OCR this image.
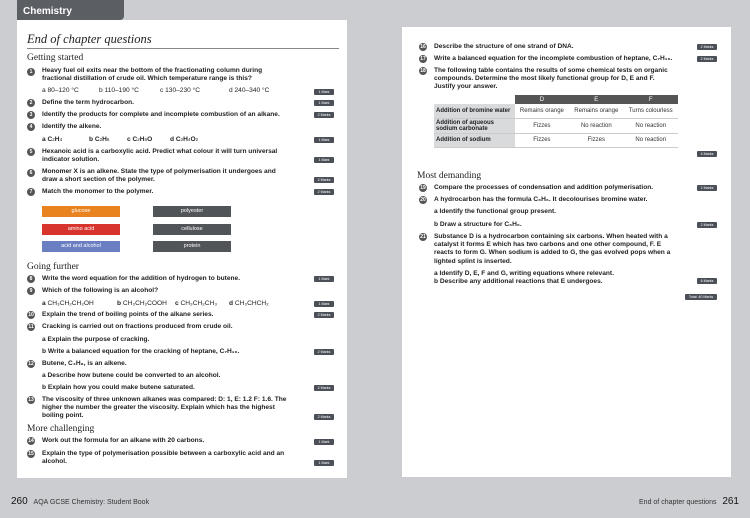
Chemistry
End of chapter questions
Getting started
1	Heavy fuel oil exits near the bottom of the fractionating column during fractional distillation of crude oil. Which temperature range is this?
a 80–120 °C	b 110–190 °C	c 130–230 °C	d 240–340 °C	1 Mark
2	Define the term hydrocarbon.	1 Mark
3	Identify the products for complete and incomplete combustion of an alkane.	2 Marks
4	Identify the alkene.
a C2H4	b C2H6	c C2H6O	d C2H4O2	1 Mark
5	Hexanoic acid is a carboxylic acid. Predict what colour it will turn universal indicator solution.	1 Mark
6	Monomer X is an alkene. State the type of polymerisation it undergoes and draw a short section of the polymer.	2 Marks
7	Match the monomer to the polymer.	2 Marks
glucose
amino acid
acid and alcohol
polyester
cellulose
protein
Going further
8	Write the word equation for the addition of hydrogen to butene.	1 Mark
9	Which of the following is an alcohol?
a CH₃CH₂CH₂OH	b CH₃CH₂COOH	c CH₃CH₂CH₃	d CH₃CHCH₂	1 Mark
10 Explain the trend of boiling points of the alkane series.	2 Marks
11 Cracking is carried out on fractions produced from crude oil.
a Explain the purpose of cracking.
b Write a balanced equation for the cracking of heptane, C₇H₁₆.	2 Marks
12 Butene, C₄H₈, is an alkene.
a Describe how butene could be converted to an alcohol.
b Explain how you could make butene saturated.	2 Marks
13 The viscosity of three unknown alkanes was compared: D: 1, E: 1.2 F: 1.6. The higher the number the greater the viscosity. Explain which has the highest boiling point.	2 Marks
More challenging
14 Work out the formula for an alkane with 20 carbons.	1 Mark
15 Explain the type of polymerisation possible between a carboxylic acid and an alcohol.	1 Mark
16 Describe the structure of one strand of DNA.	2 Marks
17 Write a balanced equation for the incomplete combustion of heptane, C₇H₁₆.	2 Marks
18 The following table contains the results of some chemical tests on organic compounds. Determine the most likely functional group for D, E and F. Justify your answer.
	D	E	F
Addition of bromine water	Remains orange	Remains orange	Turns colourless
Addition of aqueous sodium carbonate	Fizzes	No reaction	No reaction
Addition of sodium	Fizzes	Fizzes	No reaction
4 Marks
Most demanding
19 Compare the processes of condensation and addition polymerisation.	2 Marks
20 A hydrocarbon has the formula C₆H₆. It decolourises bromine water.
a Identify the functional group present.
b Draw a structure for C₆H₆.	2 Marks
21 Substance D is a hydrocarbon containing six carbons. When heated with a catalyst it forms E which has two carbons and one other compound, F. E reacts to form G. When sodium is added to G, the gas evolved pops when a lighted splint is inserted.
a Identify D, E, F and G, writing equations where relevant.
b Describe any additional reactions that E undergoes.	6 Marks
Total: 40 Marks
260 AQA GCSE Chemistry: Student Book	End of chapter questions 261
